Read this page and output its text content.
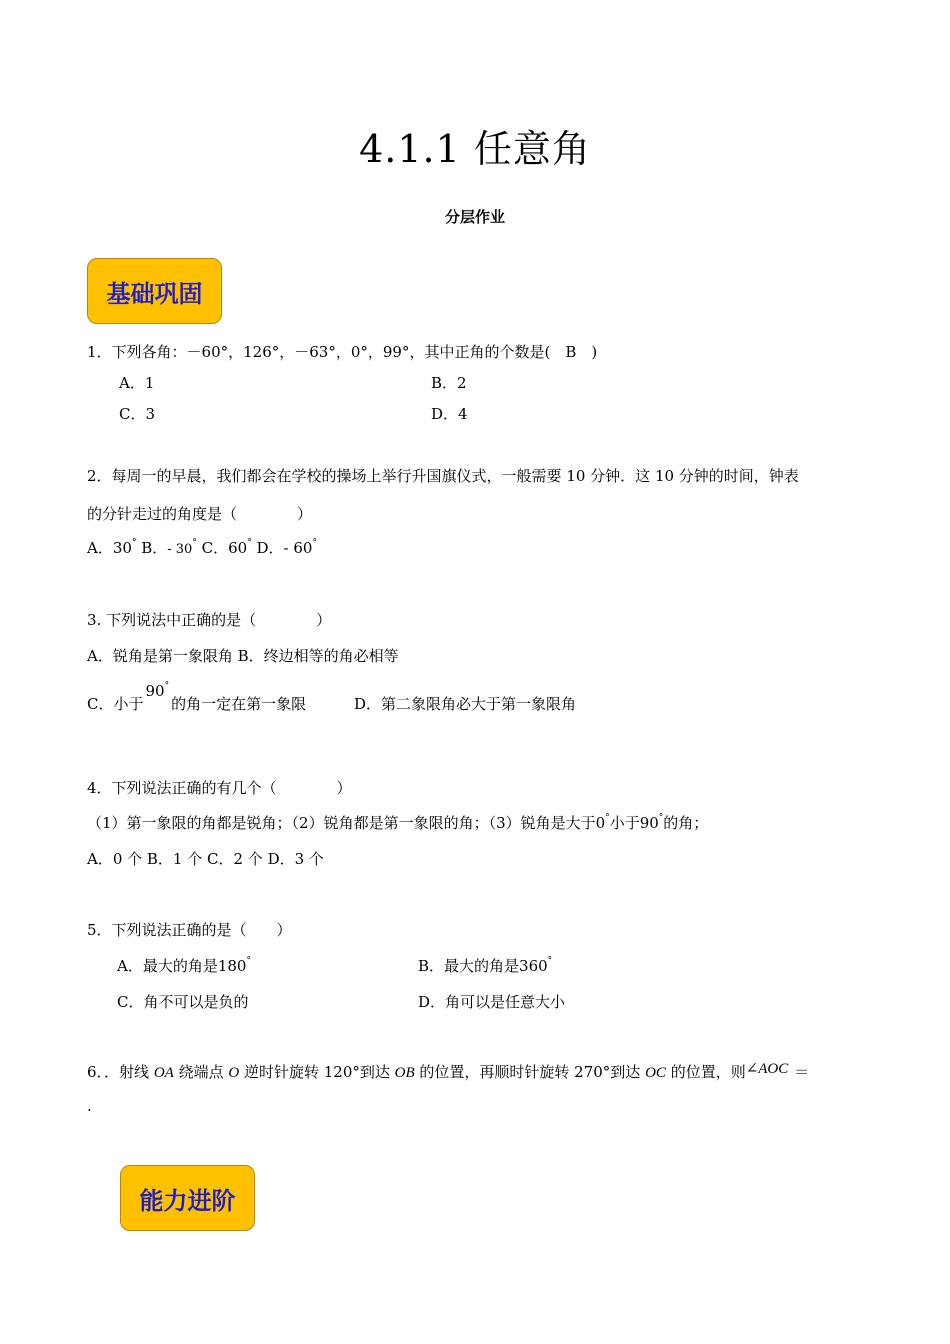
4.1.1 任意角
分层作业
基础巩固
1．下列各角：－60°，126°，－63°，0°，99°，其中正角的个数是(　B　)
A．1	B．2
C．3	D．4
2．每周一的早晨，我们都会在学校的操场上举行升国旗仪式，一般需要 10 分钟．这 10 分钟的时间，钟表
的分针走过的角度是（　　　　）
A．30° B．- 30° C．60° D．- 60°
3. 下列说法中正确的是（　　　　）
A．锐角是第一象限角 B．终边相等的角必相等
C．小于90°的角一定在第一象限	D．第二象限角必大于第一象限角
4．下列说法正确的有几个（　　　　）
（1）第一象限的角都是锐角；（2）锐角都是第一象限的角；（3）锐角是大于0°小于90°的角；
A．0 个 B．1 个 C．2 个 D．3 个
5．下列说法正确的是（　　）
A．最大的角是180°	B．最大的角是360°
C．角不可以是负的	D．角可以是任意大小
6．．射线 OA 绕端点 O 逆时针旋转 120°到达 OB 的位置，再顺时针旋转 270°到达 OC 的位置，则∠AOC ＝
.
能力进阶
